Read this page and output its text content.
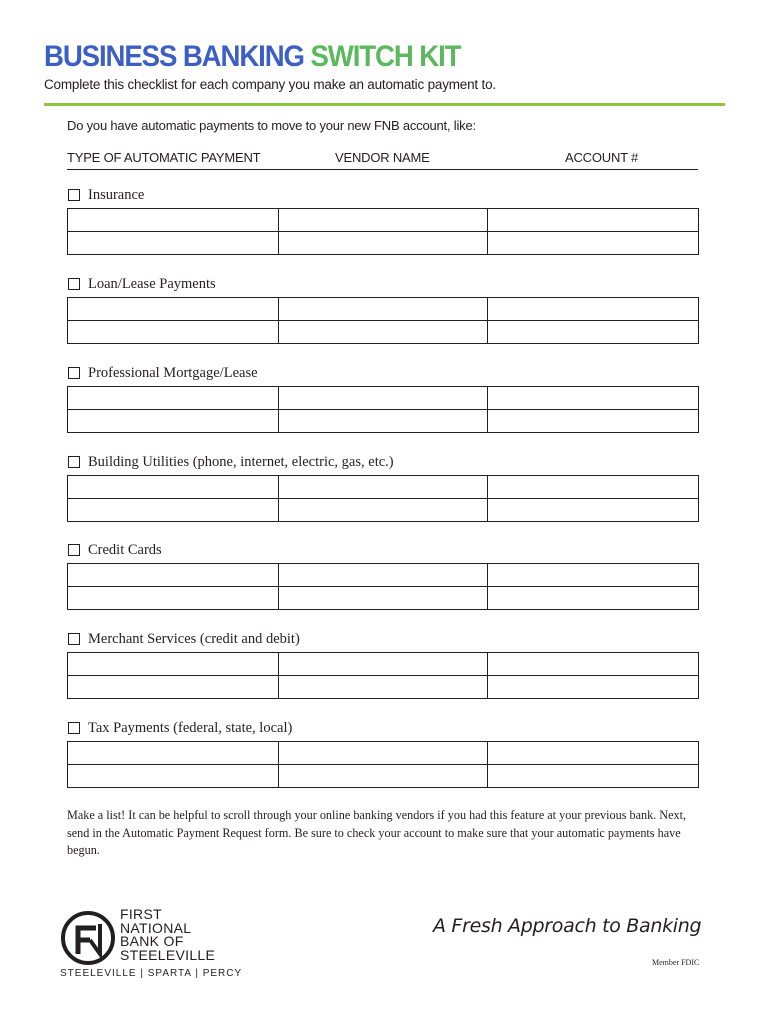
BUSINESS BANKING SWITCH KIT
Complete this checklist for each company you make an automatic payment to.
Do you have automatic payments to move to your new FNB account, like:
TYPE OF AUTOMATIC PAYMENT	VENDOR NAME	ACCOUNT #
Insurance

Loan/Lease Payments

Professional Mortgage/Lease

Building Utilities (phone, internet, electric, gas, etc.)

Credit Cards

Merchant Services (credit and debit)

Tax Payments (federal, state, local)

Make a list! It can be helpful to scroll through your online banking vendors if you had this feature at your previous bank. Next, send in the Automatic Payment Request form. Be sure to check your account to make sure that your automatic payments have begun.
FIRST
NATIONAL
BANK OF
STEELEVILLE
STEELEVILLE | SPARTA | PERCY
A Fresh Approach to Banking
Member FDIC
